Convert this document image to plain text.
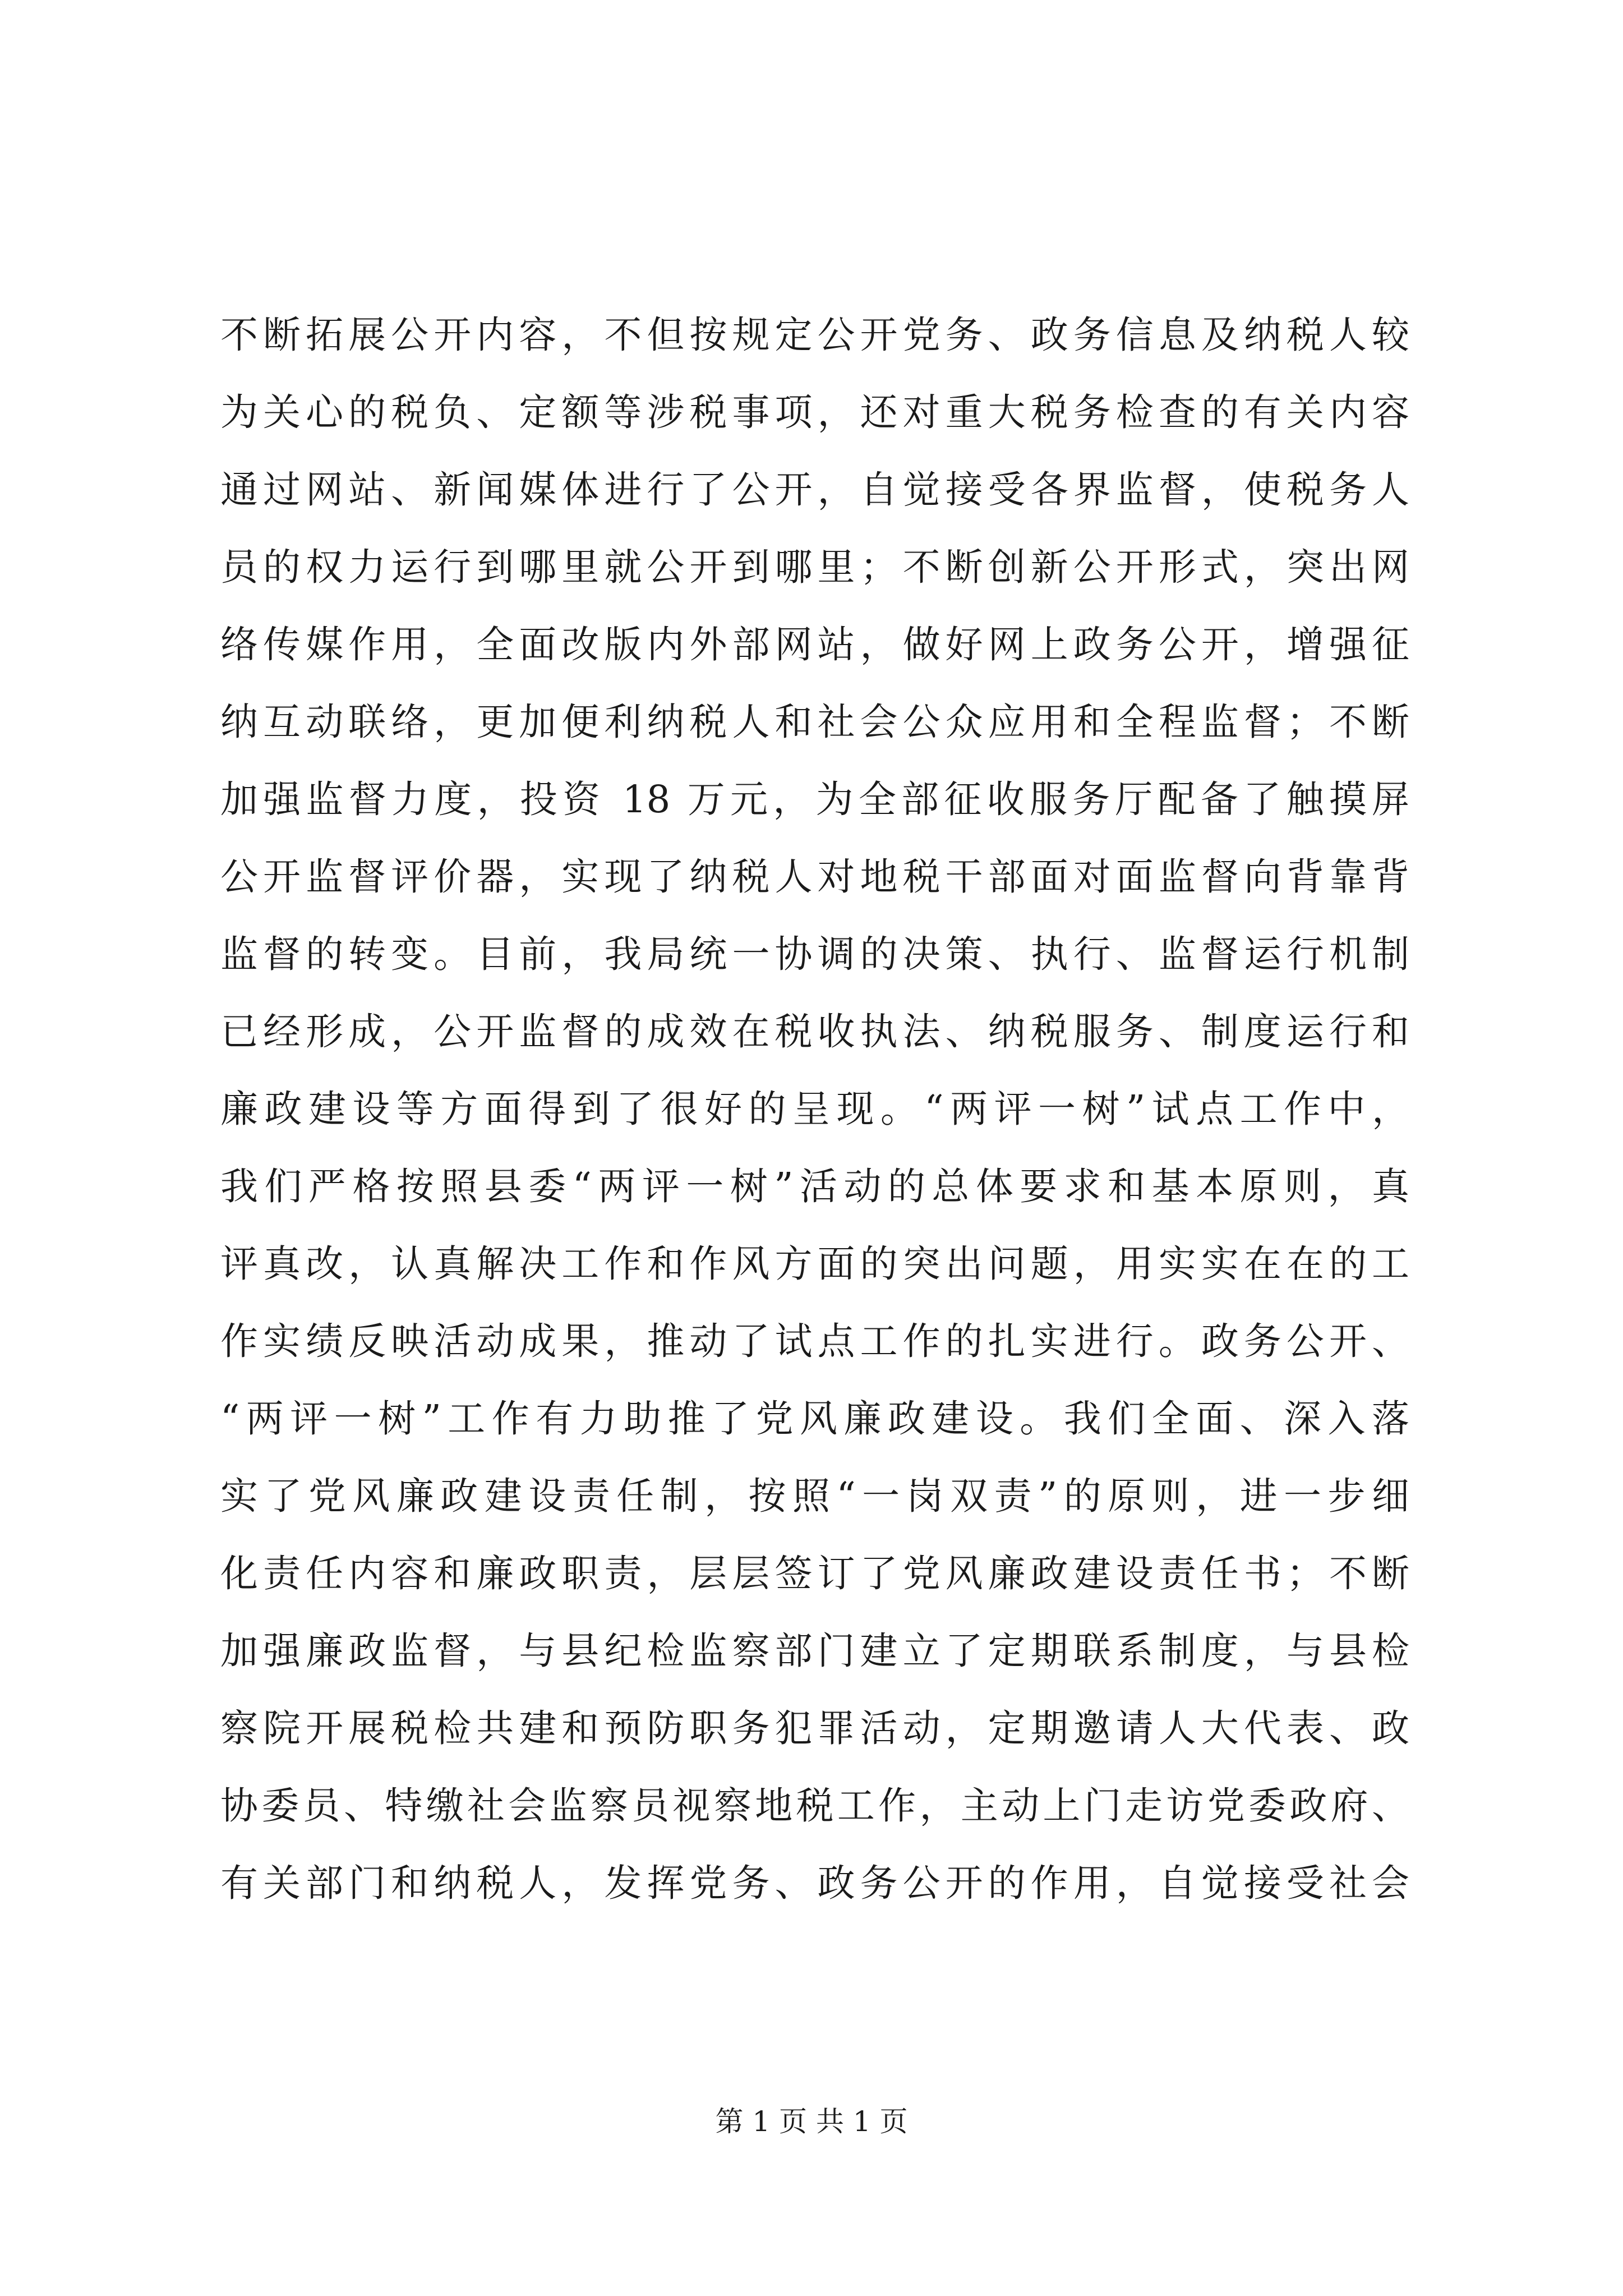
不断拓展公开内容，不但按规定公开党务、政务信息及纳税人较
为关心的税负、定额等涉税事项，还对重大税务检查的有关内容
通过网站、新闻媒体进行了公开，自觉接受各界监督，使税务人
员的权力运行到哪里就公开到哪里；不断创新公开形式，突出网
络传媒作用，全面改版内外部网站，做好网上政务公开，增强征
纳互动联络，更加便利纳税人和社会公众应用和全程监督；不断
加强监督力度，投资 18 万元，为全部征收服务厅配备了触摸屏
公开监督评价器，实现了纳税人对地税干部面对面监督向背靠背
监督的转变。目前，我局统一协调的决策、执行、监督运行机制
已经形成，公开监督的成效在税收执法、纳税服务、制度运行和
廉政建设等方面得到了很好的呈现。“两评一树”试点工作中，
我们严格按照县委“两评一树”活动的总体要求和基本原则，真
评真改，认真解决工作和作风方面的突出问题，用实实在在的工
作实绩反映活动成果，推动了试点工作的扎实进行。政务公开、
“两评一树”工作有力助推了党风廉政建设。我们全面、深入落
实了党风廉政建设责任制，按照“一岗双责”的原则，进一步细
化责任内容和廉政职责，层层签订了党风廉政建设责任书；不断
加强廉政监督，与县纪检监察部门建立了定期联系制度，与县检
察院开展税检共建和预防职务犯罪活动，定期邀请人大代表、政
协委员、特缴社会监察员视察地税工作，主动上门走访党委政府、
有关部门和纳税人，发挥党务、政务公开的作用，自觉接受社会
第 1 页 共 1 页
